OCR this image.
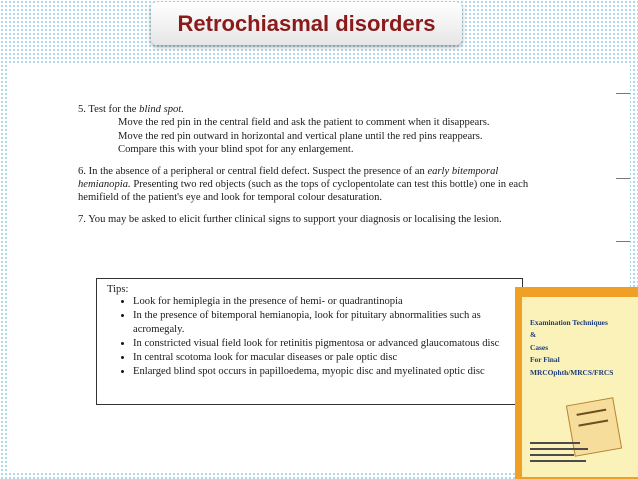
Retrochiasmal disorders
5. Test for the blind spot.
Move the red pin in the central field and ask the patient to comment when it disappears.
Move the red pin outward in horizontal and vertical plane until the red pins reappears.
Compare this with your blind spot for any enlargement.
6. In the absence of a peripheral or central field defect. Suspect the presence of an early bitemporal hemianopia. Presenting two red objects (such as the tops of cyclopentolate can test this bottle) one in each hemifield of the patient's eye and look for temporal colour desaturation.
7. You may be asked to elicit further clinical signs to support your diagnosis or localising the lesion.
Tips:
• Look for hemiplegia in the presence of hemi- or quadrantinopia
• In the presence of bitemporal hemianopia, look for pituitary abnormalities such as acromegaly.
• In constricted visual field look for retinitis pigmentosa or advanced glaucomatous disc
• In central scotoma look for macular diseases or pale optic disc
• Enlarged blind spot occurs in papilloedema, myopic disc and myelinated optic disc
Examination Techniques
&
Cases
For Final
MRCOphth/MRCS/FRCS
